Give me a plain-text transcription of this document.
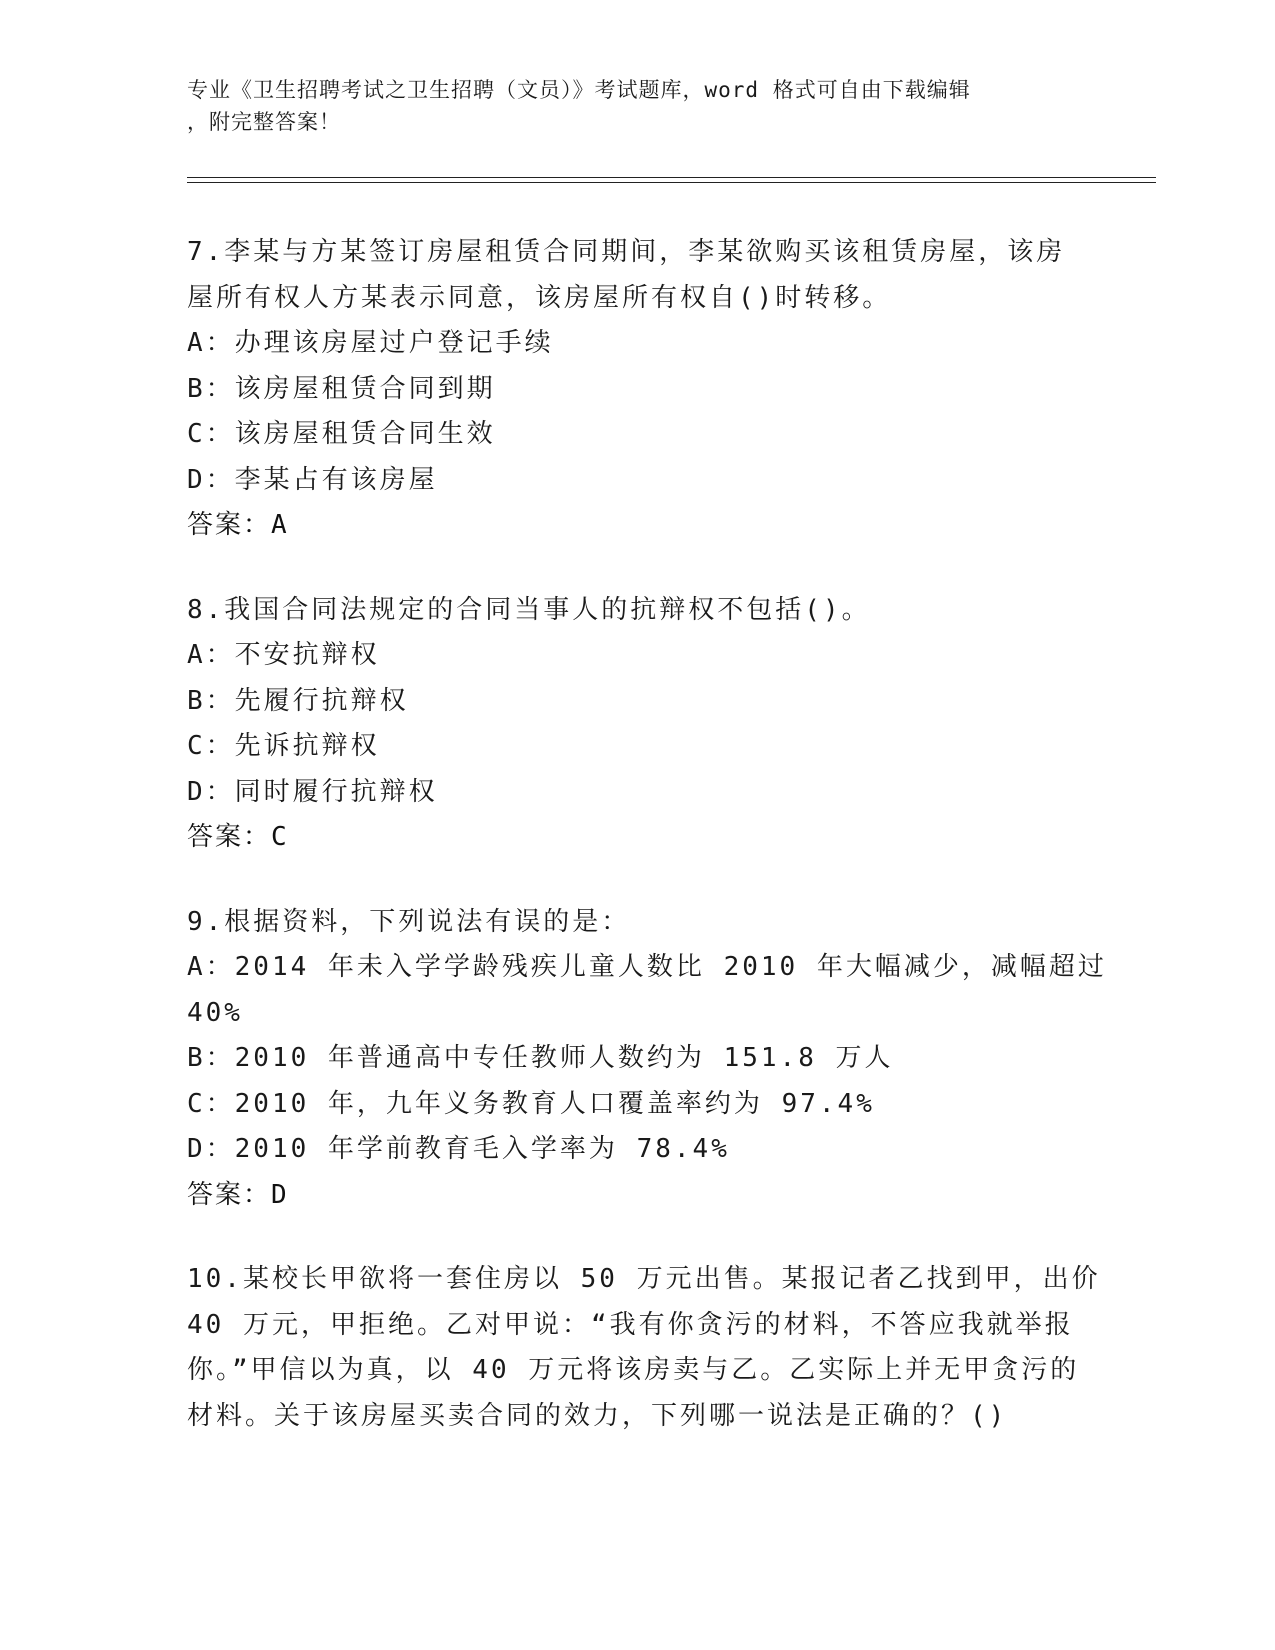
专业《卫生招聘考试之卫生招聘（文员）》考试题库，word 格式可自由下载编辑
，附完整答案！
7.李某与方某签订房屋租赁合同期间，李某欲购买该租赁房屋，该房
屋所有权人方某表示同意，该房屋所有权自()时转移。
A：办理该房屋过户登记手续
B：该房屋租赁合同到期
C：该房屋租赁合同生效
D：李某占有该房屋
答案：A
8.我国合同法规定的合同当事人的抗辩权不包括()。
A：不安抗辩权
B：先履行抗辩权
C：先诉抗辩权
D：同时履行抗辩权
答案：C
9.根据资料，下列说法有误的是：
A：2014 年未入学学龄残疾儿童人数比 2010 年大幅减少，减幅超过
40%
B：2010 年普通高中专任教师人数约为 151.8 万人
C：2010 年，九年义务教育人口覆盖率约为 97.4%
D：2010 年学前教育毛入学率为 78.4%
答案：D
10.某校长甲欲将一套住房以 50 万元出售。某报记者乙找到甲，出价
40 万元，甲拒绝。乙对甲说：“我有你贪污的材料，不答应我就举报
你。”甲信以为真，以 40 万元将该房卖与乙。乙实际上并无甲贪污的
材料。关于该房屋买卖合同的效力，下列哪一说法是正确的？()
